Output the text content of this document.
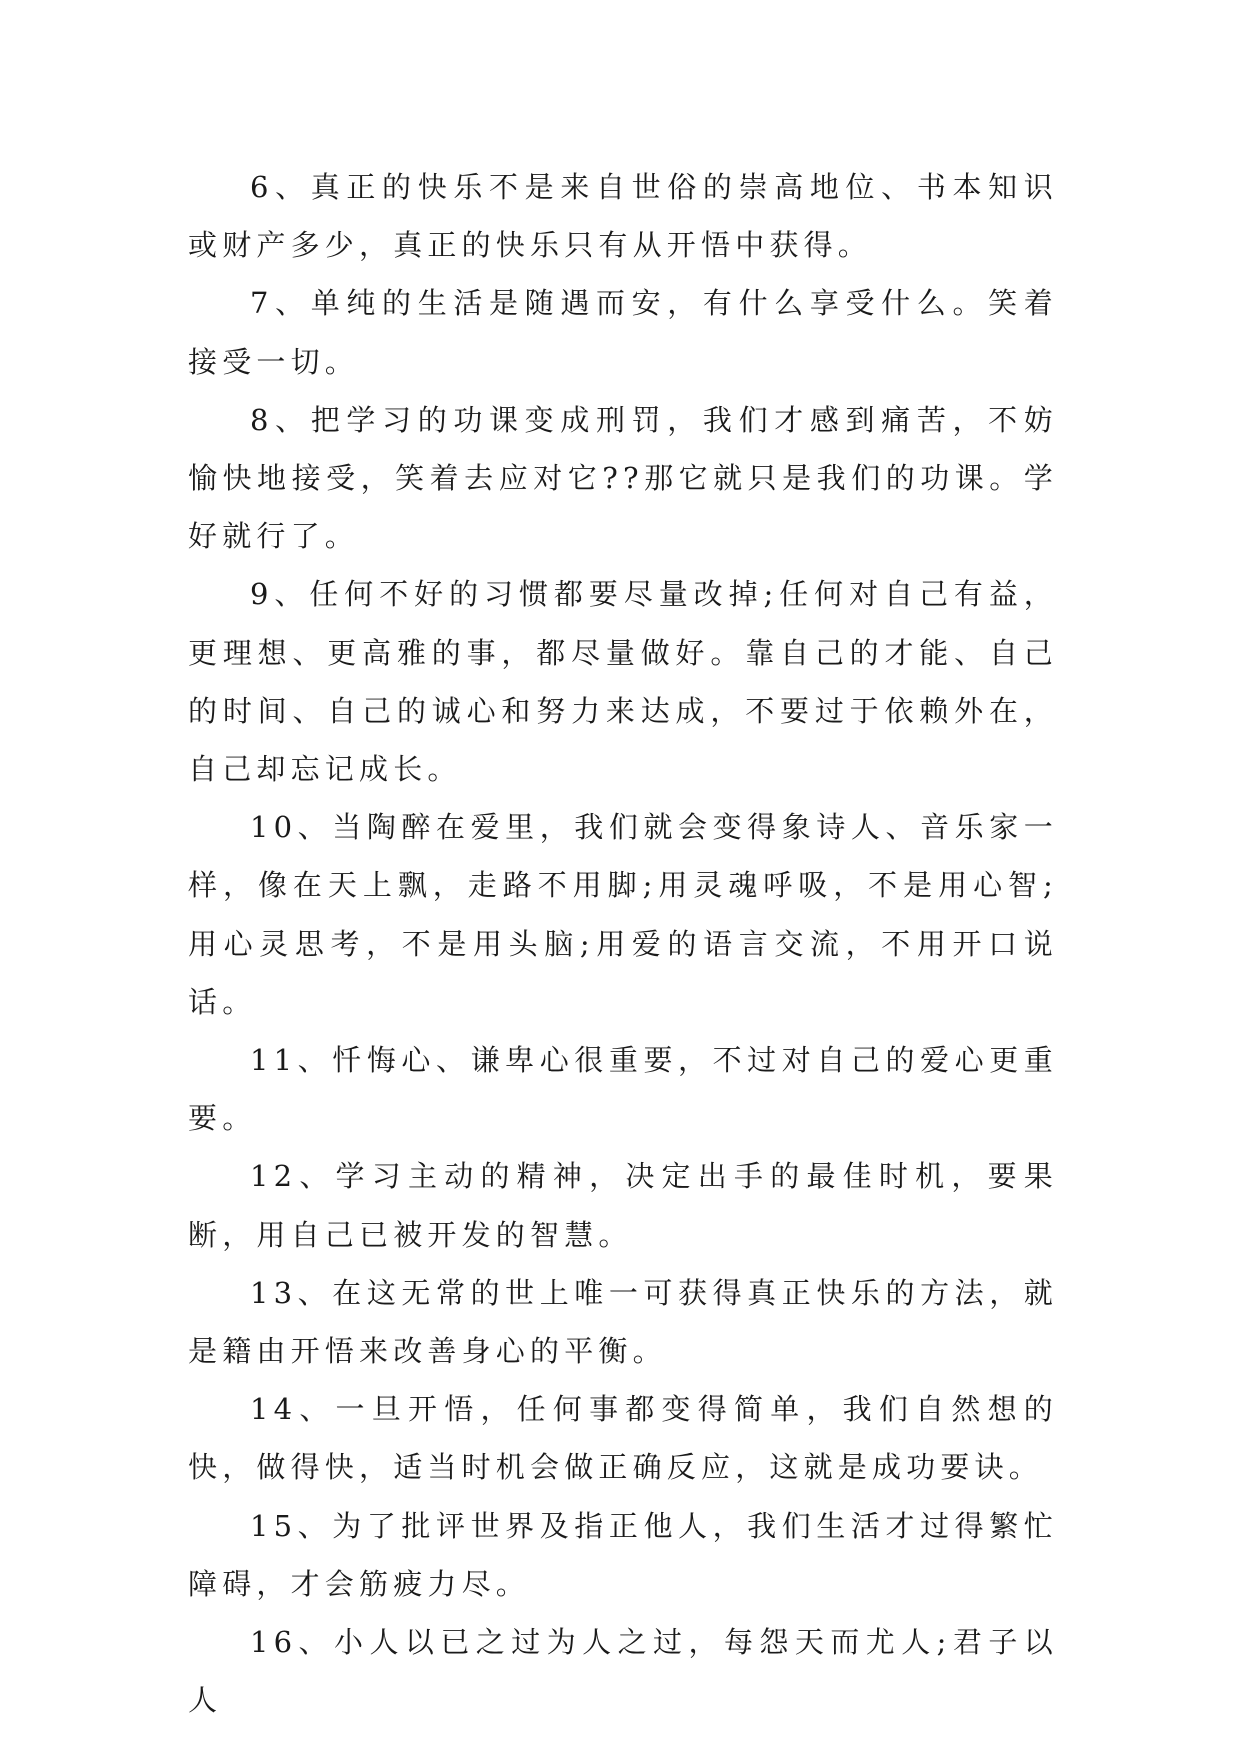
6、真正的快乐不是来自世俗的崇高地位、书本知识或财产多少，真正的快乐只有从开悟中获得。

7、单纯的生活是随遇而安，有什么享受什么。笑着接受一切。

8、把学习的功课变成刑罚，我们才感到痛苦，不妨愉快地接受，笑着去应对它??那它就只是我们的功课。学好就行了。

9、任何不好的习惯都要尽量改掉;任何对自己有益，更理想、更高雅的事，都尽量做好。靠自己的才能、自己的时间、自己的诚心和努力来达成，不要过于依赖外在，自己却忘记成长。

10、当陶醉在爱里，我们就会变得象诗人、音乐家一样，像在天上飘，走路不用脚;用灵魂呼吸，不是用心智;用心灵思考，不是用头脑;用爱的语言交流，不用开口说话。

11、忏悔心、谦卑心很重要，不过对自己的爱心更重要。

12、学习主动的精神，决定出手的最佳时机，要果断，用自己已被开发的智慧。

13、在这无常的世上唯一可获得真正快乐的方法，就是籍由开悟来改善身心的平衡。

14、一旦开悟，任何事都变得简单，我们自然想的快，做得快，适当时机会做正确反应，这就是成功要诀。

15、为了批评世界及指正他人，我们生活才过得繁忙障碍，才会筋疲力尽。

16、小人以已之过为人之过，每怨天而尤人;君子以人
